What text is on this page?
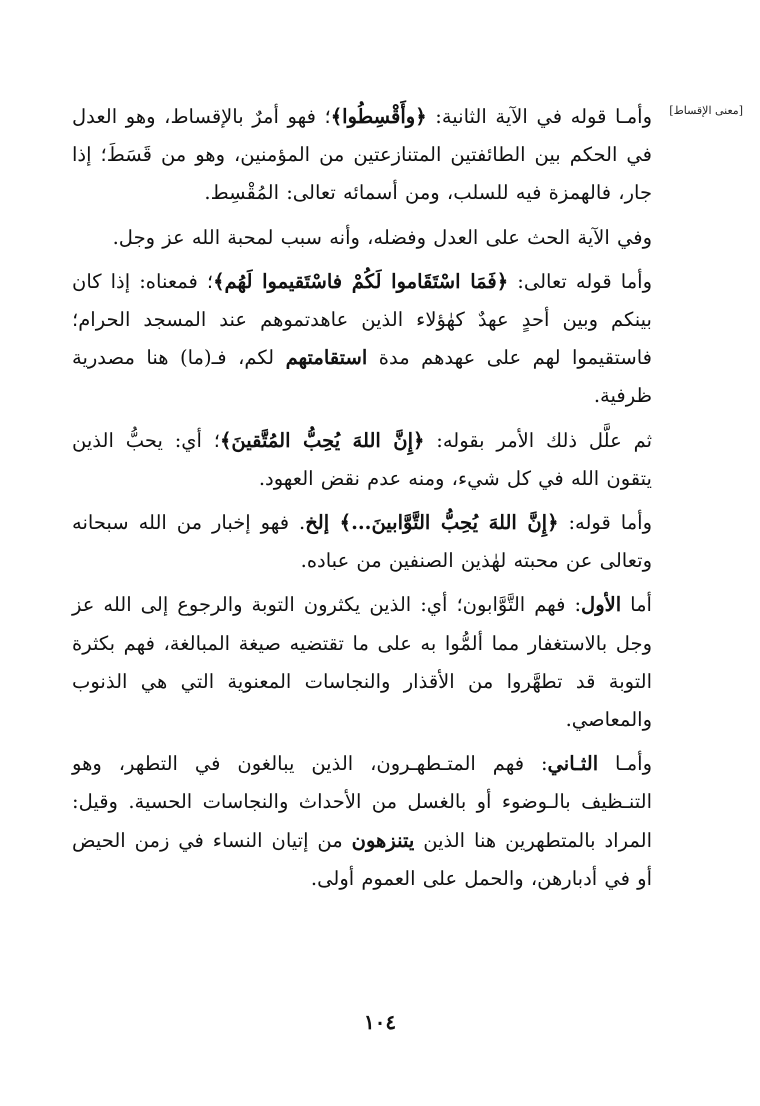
[معنى الإقساط]

وأمـا قوله في الآية الثانية: ﴿وأَقْسِطُوا﴾؛ فهو أمرٌ بالإقساط، وهو العدل في الحكم بين الطائفتين المتنازعتين من المؤمنين، وهو من قَسَطَ؛ إذا جار، فالهمزة فيه للسلب، ومن أسمائه تعالى: المُقْسِط.

وفي الآية الحث على العدل وفضله، وأنه سبب لمحبة الله عز وجل.

وأما قوله تعالى: ﴿فَمَا اسْتَقَاموا لَكُمْ فاسْتَقيموا لَهُم﴾؛ فمعناه: إذا كان بينكم وبين أحدٍ عهدٌ كهٰؤلاء الذين عاهدتموهم عند المسجد الحرام؛ فاستقيموا لهم على عهدهم مدة استقامتهم لكم، فـ(ما) هنا مصدرية ظرفية.

ثم علَّل ذلك الأمر بقوله: ﴿إِنَّ اللهَ يُحِبُّ المُتَّقينَ﴾؛ أي: يحبُّ الذين يتقون الله في كل شيء، ومنه عدم نقض العهود.

وأما قوله: ﴿إِنَّ اللهَ يُحِبُّ التَّوَّابينَ...﴾ إلخ. فهو إخبار من الله سبحانه وتعالى عن محبته لهٰذين الصنفين من عباده.

أما الأول: فهم التَّوَّابون؛ أي: الذين يكثرون التوبة والرجوع إلى الله عز وجل بالاستغفار مما ألمُّوا به على ما تقتضيه صيغة المبالغة، فهم بكثرة التوبة قد تطهَّروا من الأقذار والنجاسات المعنوية التي هي الذنوب والمعاصي.

وأمـا الثـاني: فهم المتـطهـرون، الذين يبالغون في التطهر، وهو التنـظيف بالـوضوء أو بالغسل من الأحداث والنجاسات الحسية. وقيل: المراد بالمتطهرين هنا الذين يتنزهون من إتيان النساء في زمن الحيض أو في أدبارهن، والحمل على العموم أولى.

١٠٤
